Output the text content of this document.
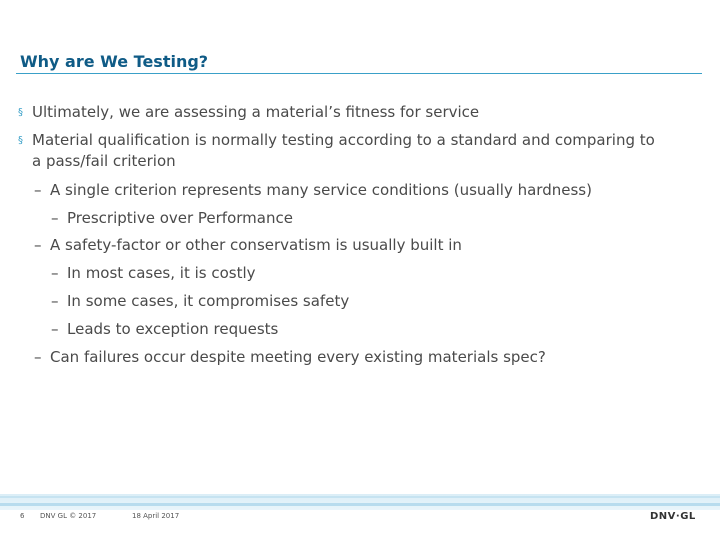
Why are We Testing?
§ Ultimately, we are assessing a material’s fitness for service
§ Material qualification is normally testing according to a standard and comparing to
a pass/fail criterion
– A single criterion represents many service conditions (usually hardness)
– Prescriptive over Performance
– A safety-factor or other conservatism is usually built in
– In most cases, it is costly
– In some cases, it compromises safety
– Leads to exception requests
– Can failures occur despite meeting every existing materials spec?
6 DNV GL © 2017	18 April 2017	DNV·GL
